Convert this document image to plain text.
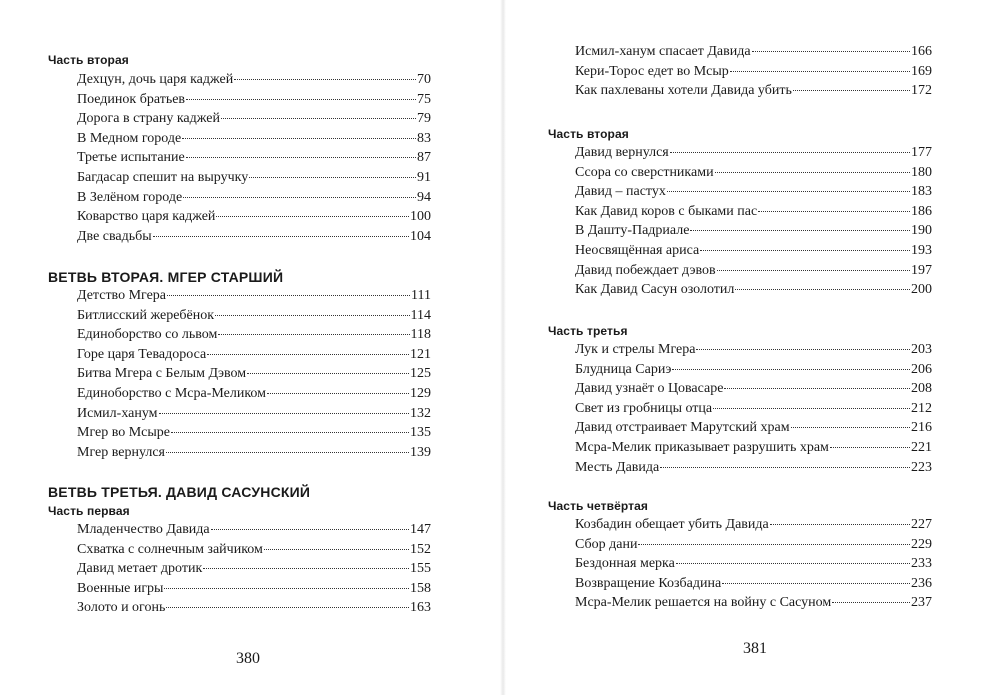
Часть вторая
Дехцун, дочь царя каджей	70
Поединок братьев	75
Дорога в страну каджей	79
В Медном городе	83
Третье испытание	87
Багдасар спешит на выручку	91
В Зелёном городе	94
Коварство царя каджей	100
Две свадьбы	104
ВЕТВЬ ВТОРАЯ. МГЕР СТАРШИЙ
Детство Мгера	111
Битлисский жеребёнок	114
Единоборство со львом	118
Горе царя Тевадороса	121
Битва Мгера с Белым Дэвом	125
Единоборство с Мсра-Меликом	129
Исмил-ханум	132
Мгер во Мсыре	135
Мгер вернулся	139
ВЕТВЬ ТРЕТЬЯ. ДАВИД САСУНСКИЙ
Часть первая
Младенчество Давида	147
Схватка с солнечным зайчиком	152
Давид метает дротик	155
Военные игры	158
Золото и огонь	163
380
Исмил-ханум спасает Давида	166
Кери-Торос едет во Мсыр	169
Как пахлеваны хотели Давида убить	172
Часть вторая
Давид вернулся	177
Ссора со сверстниками	180
Давид – пастух	183
Как Давид коров с быками пас	186
В Дашту-Падриале	190
Неосвящённая ариса	193
Давид побеждает дэвов	197
Как Давид Сасун озолотил	200
Часть третья
Лук и стрелы Мгера	203
Блудница Сариэ	206
Давид узнаёт о Цовасаре	208
Свет из гробницы отца	212
Давид отстраивает Марутский храм	216
Мсра-Мелик приказывает разрушить храм	221
Месть Давида	223
Часть четвёртая
Козбадин обещает убить Давида	227
Сбор дани	229
Бездонная мерка	233
Возвращение Козбадина	236
Мсра-Мелик решается на войну с Сасуном	237
381
